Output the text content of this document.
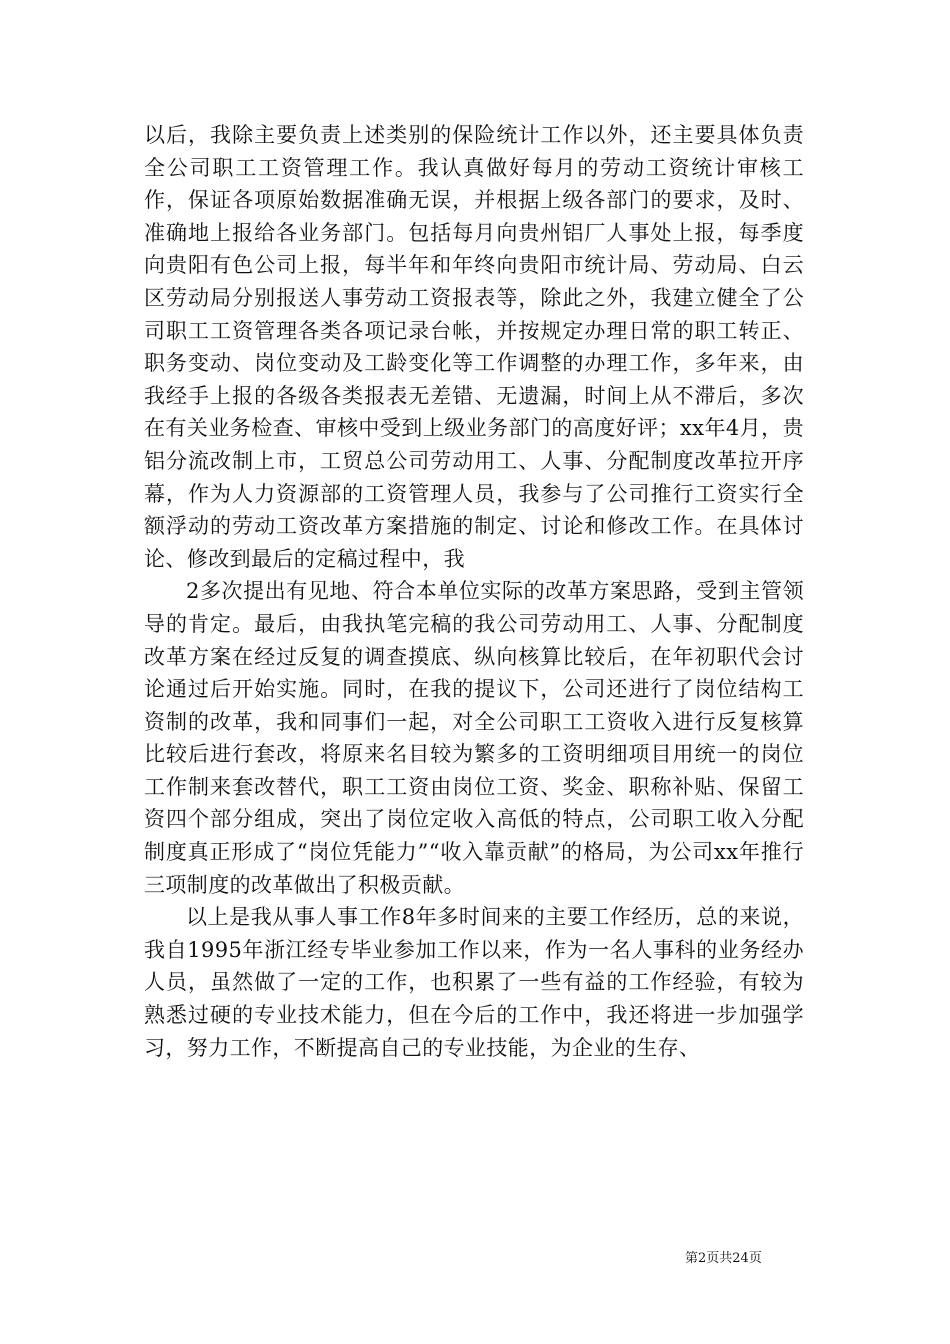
以后，我除主要负责上述类别的保险统计工作以外，还主要具体负责全公司职工工资管理工作。我认真做好每月的劳动工资统计审核工作，保证各项原始数据准确无误，并根据上级各部门的要求，及时、准确地上报给各业务部门。包括每月向贵州铝厂人事处上报，每季度向贵阳有色公司上报，每半年和年终向贵阳市统计局、劳动局、白云区劳动局分别报送人事劳动工资报表等，除此之外，我建立健全了公司职工工资管理各类各项记录台帐，并按规定办理日常的职工转正、职务变动、岗位变动及工龄变化等工作调整的办理工作，多年来，由我经手上报的各级各类报表无差错、无遗漏，时间上从不滞后，多次在有关业务检查、审核中受到上级业务部门的高度好评；xx年4月，贵铝分流改制上市，工贸总公司劳动用工、人事、分配制度改革拉开序幕，作为人力资源部的工资管理人员，我参与了公司推行工资实行全额浮动的劳动工资改革方案措施的制定、讨论和修改工作。在具体讨论、修改到最后的定稿过程中，我

2多次提出有见地、符合本单位实际的改革方案思路，受到主管领导的肯定。最后，由我执笔完稿的我公司劳动用工、人事、分配制度改革方案在经过反复的调查摸底、纵向核算比较后，在年初职代会讨论通过后开始实施。同时，在我的提议下，公司还进行了岗位结构工资制的改革，我和同事们一起，对全公司职工工资收入进行反复核算比较后进行套改，将原来名目较为繁多的工资明细项目用统一的岗位工作制来套改替代，职工工资由岗位工资、奖金、职称补贴、保留工资四个部分组成，突出了岗位定收入高低的特点，公司职工收入分配制度真正形成了“岗位凭能力”“收入靠贡献”的格局，为公司xx年推行三项制度的改革做出了积极贡献。

以上是我从事人事工作8年多时间来的主要工作经历，总的来说，我自1995年浙江经专毕业参加工作以来，作为一名人事科的业务经办人员，虽然做了一定的工作，也积累了一些有益的工作经验，有较为熟悉过硬的专业技术能力，但在今后的工作中，我还将进一步加强学习，努力工作，不断提高自己的专业技能，为企业的生存、

第2页共24页
